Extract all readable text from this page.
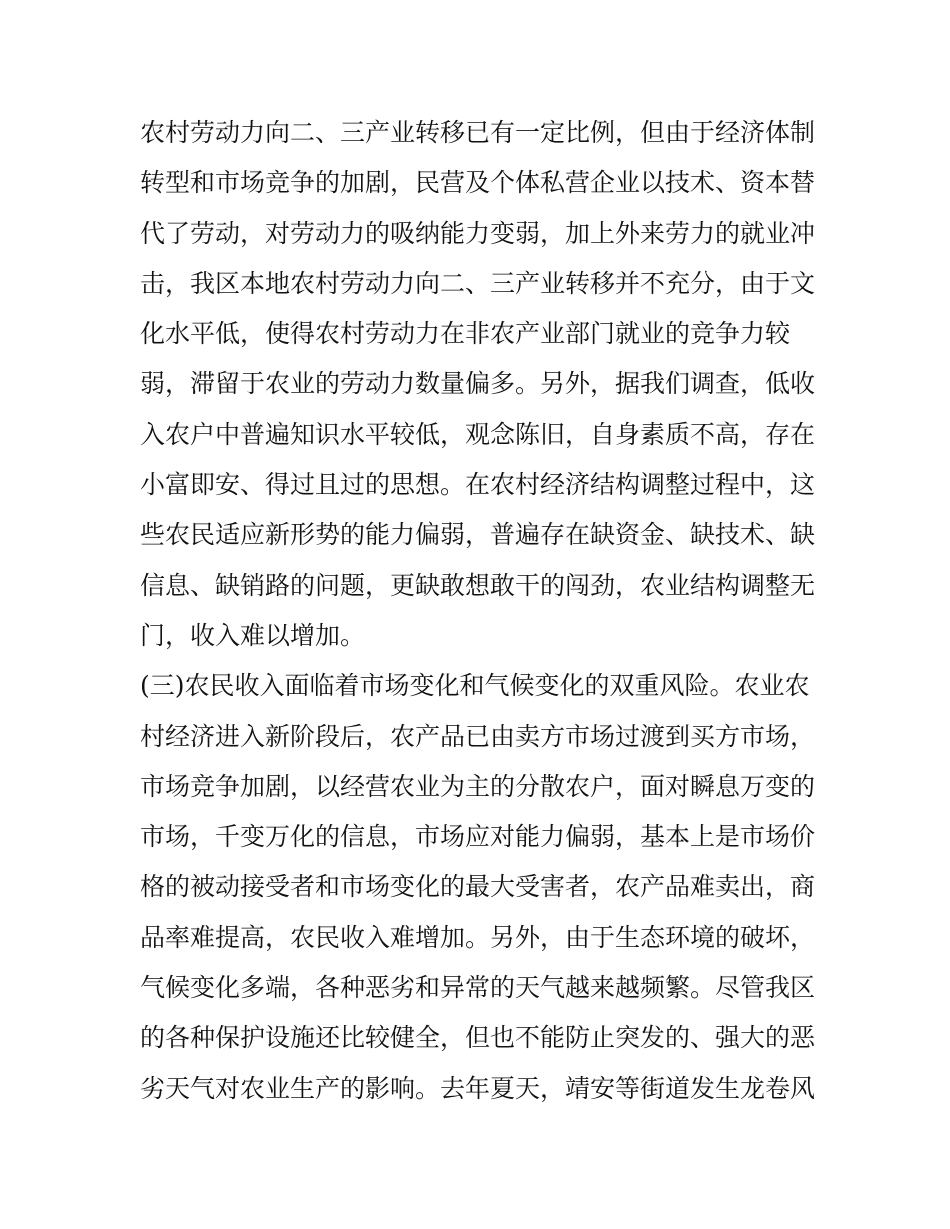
农村劳动力向二、三产业转移已有一定比例，但由于经济体制
转型和市场竞争的加剧，民营及个体私营企业以技术、资本替
代了劳动，对劳动力的吸纳能力变弱，加上外来劳力的就业冲
击，我区本地农村劳动力向二、三产业转移并不充分，由于文
化水平低，使得农村劳动力在非农产业部门就业的竞争力较
弱，滞留于农业的劳动力数量偏多。另外，据我们调查，低收
入农户中普遍知识水平较低，观念陈旧，自身素质不高，存在
小富即安、得过且过的思想。在农村经济结构调整过程中，这
些农民适应新形势的能力偏弱，普遍存在缺资金、缺技术、缺
信息、缺销路的问题，更缺敢想敢干的闯劲，农业结构调整无
门，收入难以增加。
(三)农民收入面临着市场变化和气候变化的双重风险。农业农
村经济进入新阶段后，农产品已由卖方市场过渡到买方市场，
市场竞争加剧，以经营农业为主的分散农户，面对瞬息万变的
市场，千变万化的信息，市场应对能力偏弱，基本上是市场价
格的被动接受者和市场变化的最大受害者，农产品难卖出，商
品率难提高，农民收入难增加。另外，由于生态环境的破坏，
气候变化多端，各种恶劣和异常的天气越来越频繁。尽管我区
的各种保护设施还比较健全，但也不能防止突发的、强大的恶
劣天气对农业生产的影响。去年夏天，靖安等街道发生龙卷风
